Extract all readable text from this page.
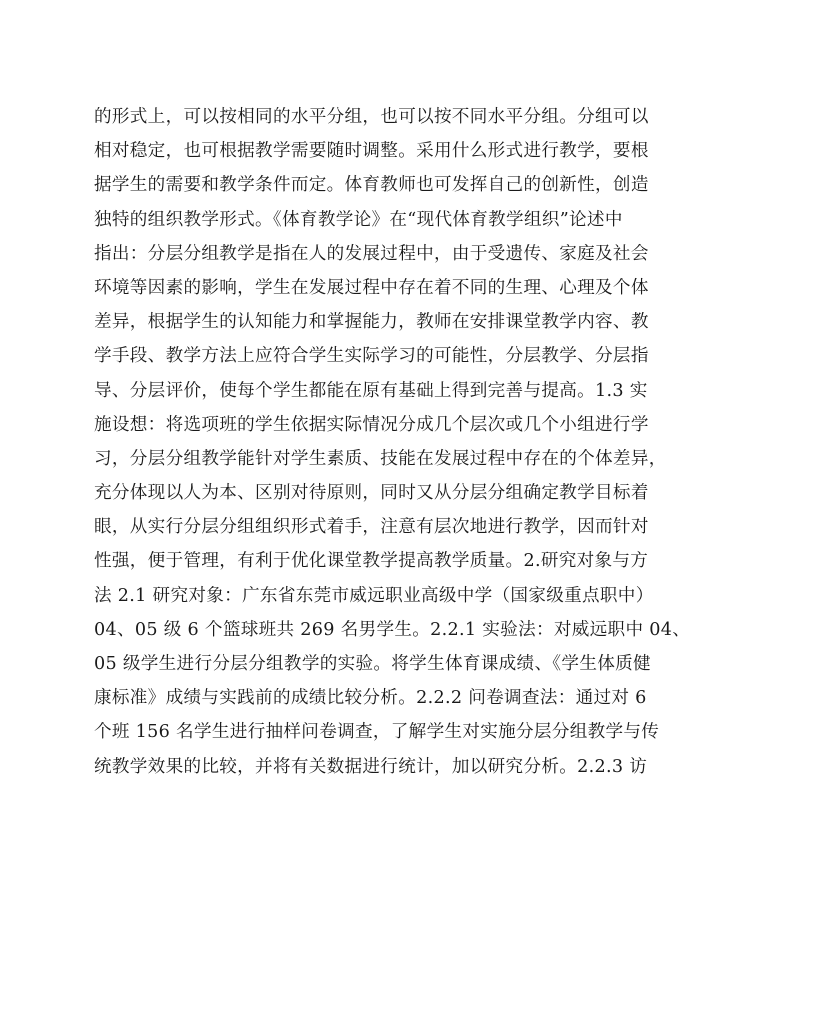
的形式上，可以按相同的水平分组，也可以按不同水平分组。分组可以
相对稳定，也可根据教学需要随时调整。采用什么形式进行教学，要根
据学生的需要和教学条件而定。体育教师也可发挥自己的创新性，创造
独特的组织教学形式。《体育教学论》在“现代体育教学组织”论述中
指出：分层分组教学是指在人的发展过程中，由于受遗传、家庭及社会
环境等因素的影响，学生在发展过程中存在着不同的生理、心理及个体
差异，根据学生的认知能力和掌握能力，教师在安排课堂教学内容、教
学手段、教学方法上应符合学生实际学习的可能性，分层教学、分层指
导、分层评价，使每个学生都能在原有基础上得到完善与提高。1.3 实
施设想：将选项班的学生依据实际情况分成几个层次或几个小组进行学
习，分层分组教学能针对学生素质、技能在发展过程中存在的个体差异，
充分体现以人为本、区别对待原则，同时又从分层分组确定教学目标着
眼，从实行分层分组组织形式着手，注意有层次地进行教学，因而针对
性强，便于管理，有利于优化课堂教学提高教学质量。2.研究对象与方
法 2.1 研究对象：广东省东莞市威远职业高级中学（国家级重点职中）
04、05 级 6 个篮球班共 269 名男学生。2.2.1 实验法：对威远职中 04、
05 级学生进行分层分组教学的实验。将学生体育课成绩、《学生体质健
康标准》成绩与实践前的成绩比较分析。2.2.2 问卷调查法：通过对 6
个班 156 名学生进行抽样问卷调查，了解学生对实施分层分组教学与传
统教学效果的比较，并将有关数据进行统计，加以研究分析。2.2.3 访
